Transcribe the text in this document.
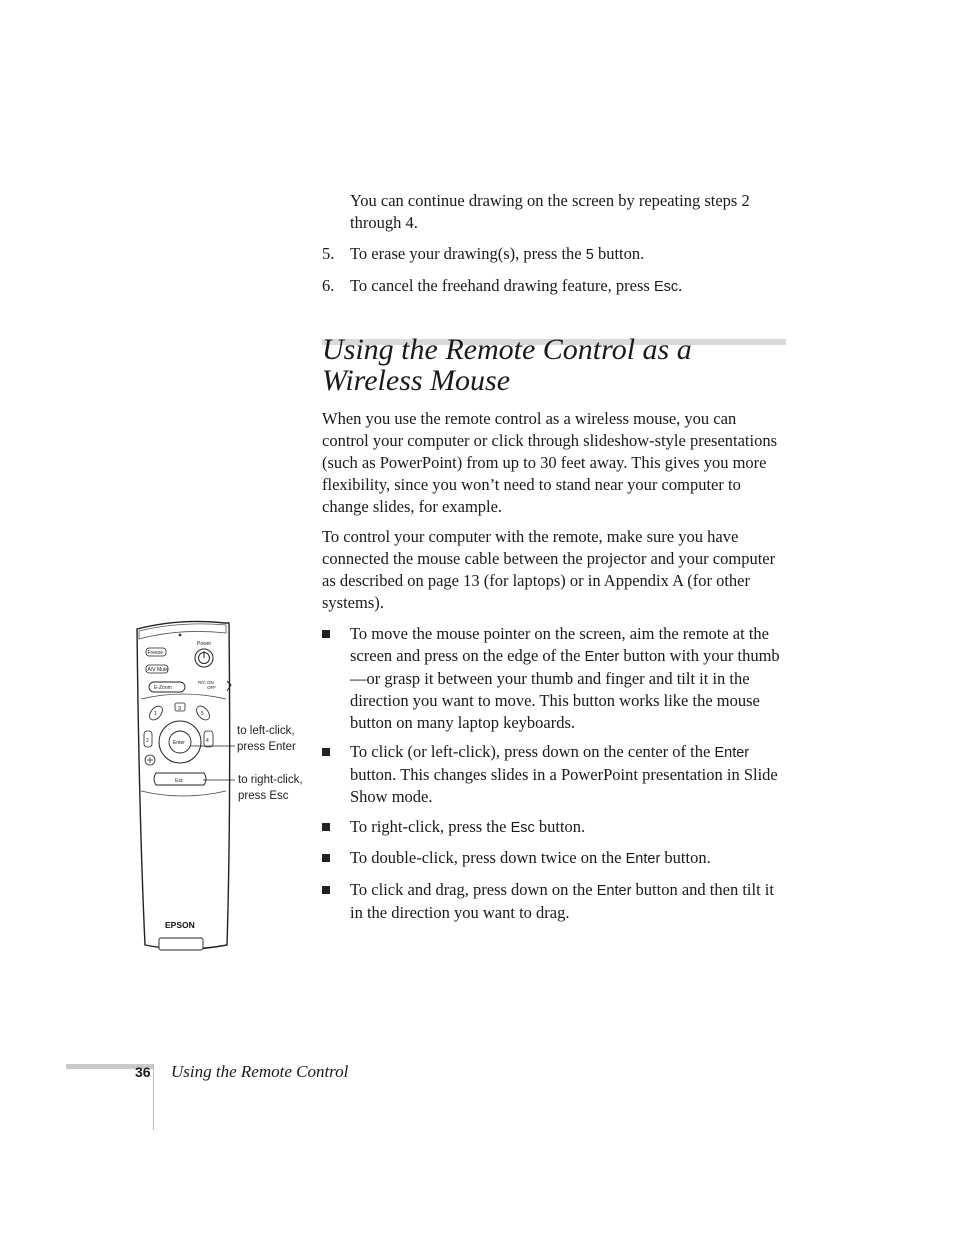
You can continue drawing on the screen by repeating steps 2 through 4.
5. To erase your drawing(s), press the 5 button.
6. To cancel the freehand drawing feature, press Esc.
Using the Remote Control as a Wireless Mouse
When you use the remote control as a wireless mouse, you can control your computer or click through slideshow-style presentations (such as PowerPoint) from up to 30 feet away. This gives you more flexibility, since you won’t need to stand near your computer to change slides, for example.
To control your computer with the remote, make sure you have connected the mouse cable between the projector and your computer as described on page 13 (for laptops) or in Appendix A (for other systems).
To move the mouse pointer on the screen, aim the remote at the screen and press on the edge of the Enter button with your thumb—or grasp it between your thumb and finger and tilt it in the direction you want to move. This button works like the mouse button on many laptop keyboards.
To click (or left-click), press down on the center of the Enter button. This changes slides in a PowerPoint presentation in Slide Show mode.
To right-click, press the Esc button.
To double-click, press down twice on the Enter button.
To click and drag, press down on the Enter button and then tilt it in the direction you want to drag.
Power
Freeze
A/V Mute
E-Zoom
R/C ON
OFF
3
1	5
2	4
Enter
Esc
EPSON
to left-click,
press Enter
to right-click,
press Esc
36 Using the Remote Control
